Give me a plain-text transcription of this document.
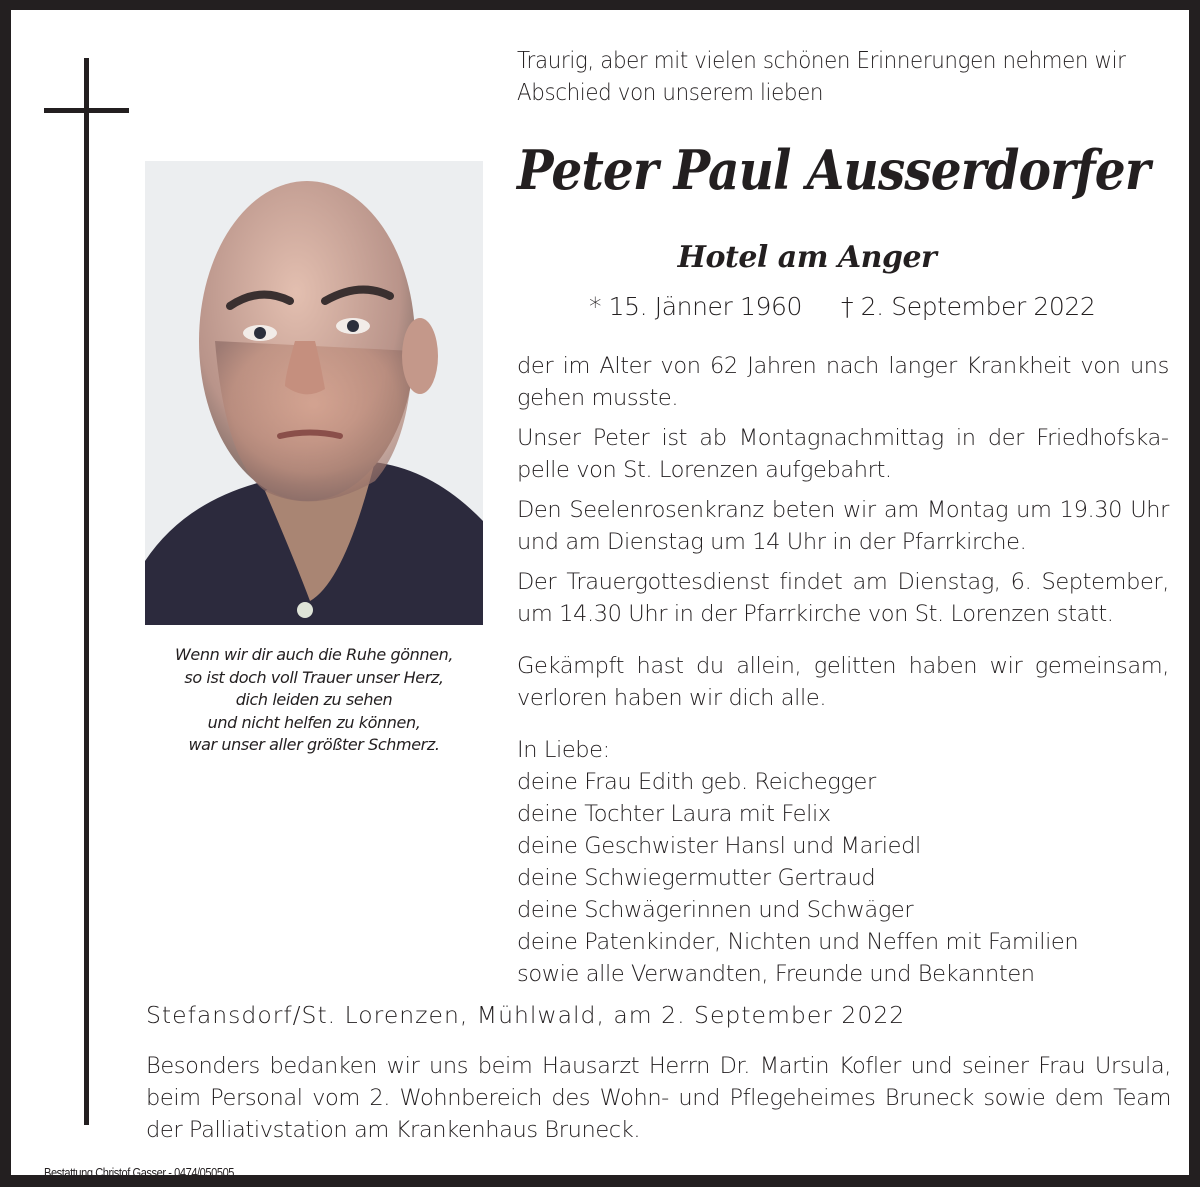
Traurig, aber mit vielen schönen Erinnerungen nehmen wir
Abschied von unserem lieben
Peter Paul Ausserdorfer
Hotel am Anger
* 15. Jänner 1960 † 2. September 2022
Wenn wir dir auch die Ruhe gönnen,
so ist doch voll Trauer unser Herz,
dich leiden zu sehen
und nicht helfen zu können,
war unser aller größter Schmerz.

der im Alter von 62 Jahren nach langer Krankheit von uns gehen musste.

Unser Peter ist ab Montagnachmittag in der Friedhofskapelle von St. Lorenzen aufgebahrt.

Den Seelenrosenkranz beten wir am Montag um 19.30 Uhr und am Dienstag um 14 Uhr in der Pfarrkirche.

Der Trauergottesdienst findet am Dienstag, 6. September, um 14.30 Uhr in der Pfarrkirche von St. Lorenzen statt.

Gekämpft hast du allein, gelitten haben wir gemeinsam, verloren haben wir dich alle.

In Liebe:
deine Frau Edith geb. Reichegger
deine Tochter Laura mit Felix
deine Geschwister Hansl und Mariedl
deine Schwiegermutter Gertraud
deine Schwägerinnen und Schwäger
deine Patenkinder, Nichten und Neffen mit Familien
sowie alle Verwandten, Freunde und Bekannten
Stefansdorf/St. Lorenzen, Mühlwald, am 2. September 2022
Besonders bedanken wir uns beim Hausarzt Herrn Dr. Martin Kofler und seiner Frau Ursula, beim Personal vom 2. Wohnbereich des Wohn- und Pflegeheimes Bruneck sowie dem Team der Palliativstation am Krankenhaus Bruneck.
Bestattung Christof Gasser - 0474/050505
